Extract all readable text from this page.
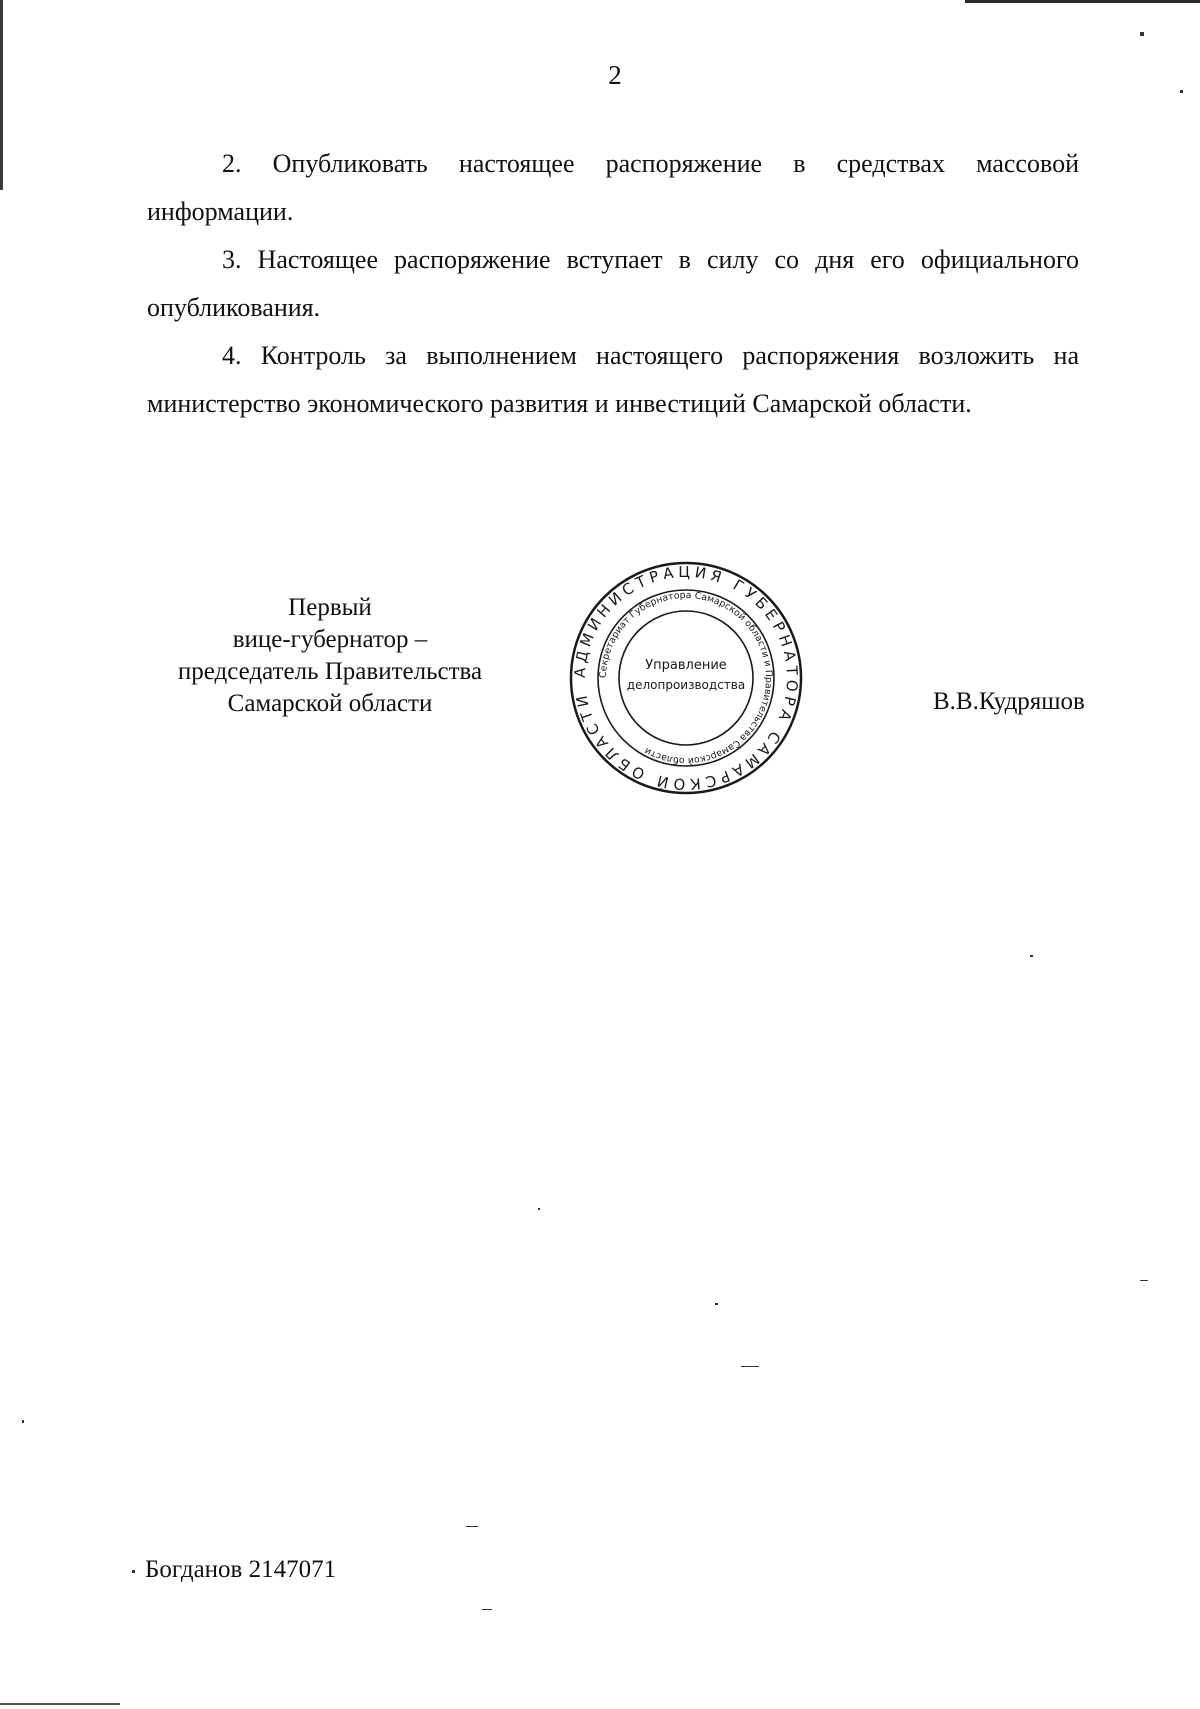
2

2. Опубликовать настоящее распоряжение в средствах массовой информации.

3. Настоящее распоряжение вступает в силу со дня его официального опубликования.

4. Контроль за выполнением настоящего распоряжения возложить на министерство экономического развития и инвестиций Самарской области.

Первый
вице-губернатор –
председатель Правительства
Самарской области
АДМИНИСТРАЦИЯ ГУБЕРНАТОРА САМАРСКОЙ ОБЛАСТИ
Секретариат Губернатора Самарской области и Правительства Самарской области
Управление
делопроизводства
В.В.Кудряшов
Богданов 2147071
